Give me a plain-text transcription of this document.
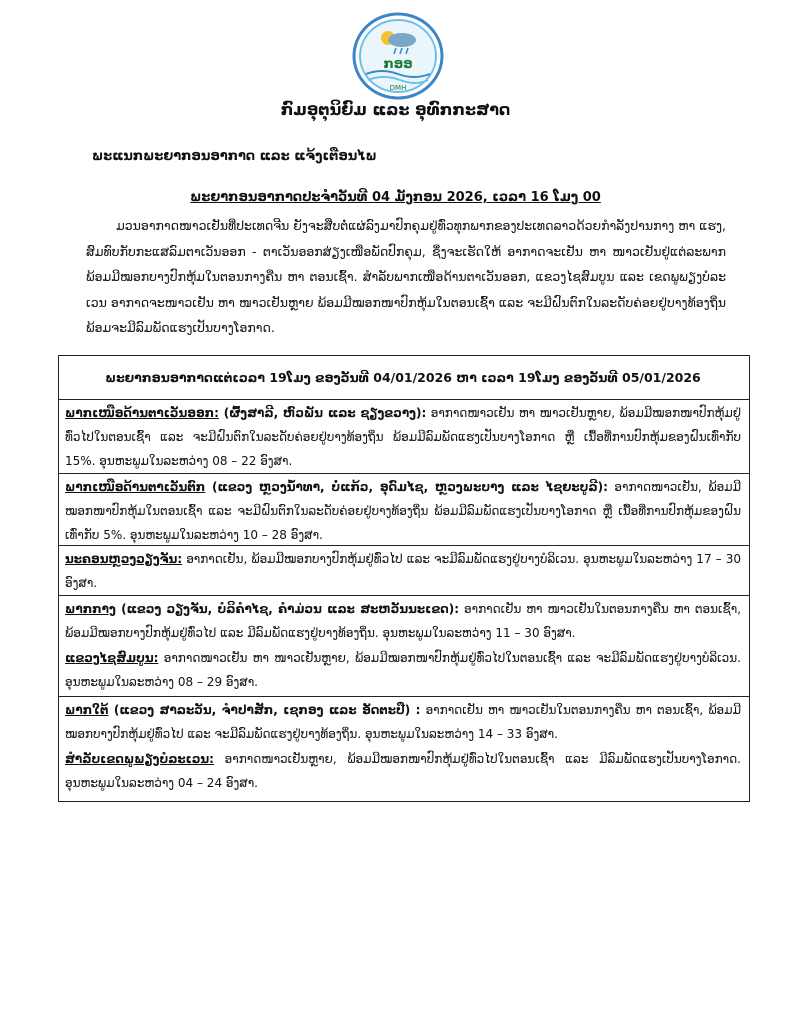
ກອອ
DMH
ກົມອຸຕຸນິຍົມ ແລະ ອຸທົກກະສາດ
ພະແນກພະຍາກອນອາກາດ ແລະ ແຈ້ງເຕືອນໄພ
ພະຍາກອນອາກາດປະຈຳວັນທີ 04 ມັງກອນ 2026, ເວລາ 16 ໂມງ 00
ມວນອາກາດໜາວເຢັນທີ່ປະເທດຈີນ ຍັງຈະສືບຕໍ່ແຜ່ລົງມາປົກຄຸມຢູ່ທົ່ວທຸກພາກຂອງປະເທດລາວດ້ວຍກຳລັງປານກາງ ຫາ ແຮງ, ສົມທົບກັບກະແສລົມຕາເວັນອອກ - ຕາເວັນອອກສ່ຽງເໜືອພັດປົກຄຸມ, ຊຶ່ງຈະເຮັດໃຫ້ ອາກາດຈະເຢັນ ຫາ ໜາວເຢັນຢູ່ແຕ່ລະພາກ ພ້ອມມີໝອກບາງປົກຫຸ້ມໃນຕອນກາງຄືນ ຫາ ຕອນເຊົ້າ. ສຳລັບພາກເໜືອດ້ານຕາເວັນອອກ, ແຂວງໄຊສົມບູນ ແລະ ເຂດພູພຽງບໍລະເວນ ອາກາດຈະໜາວເຢັນ ຫາ ໜາວເຢັນຫຼາຍ ພ້ອມມີໝອກໜາປົກຫຸ້ມໃນຕອນເຊົ້າ ແລະ ຈະມີຝົນຕົກໃນລະດັບຄ່ອຍຢູ່ບາງທ້ອງຖິ່ນ ພ້ອມຈະມີລົມພັດແຮງເປັນບາງໂອກາດ.
ພະຍາກອນອາກາດແຕ່ເວລາ 19ໂມງ ຂອງວັນທີ 04/01/2026 ຫາ ເວລາ 19ໂມງ ຂອງວັນທີ 05/01/2026

ພາກເໜືອດ້ານຕາເວັນອອກ: (ຜົ້ງສາລີ, ຫົວພັນ ແລະ ຊຽງຂວາງ): ອາກາດໜາວເຢັນ ຫາ ໜາວເຢັນຫຼາຍ, ພ້ອມມີໝອກໜາປົກຫຸ້ມຢູ່ທົ່ວໄປໃນຕອນເຊົ້າ ແລະ ຈະມີຝົນຕົກໃນລະດັບຄ່ອຍຢູ່ບາງທ້ອງຖິ່ນ ພ້ອມມີລົມພັດແຮງເປັນບາງໂອກາດ ຫຼື ເນື້ອທີ່ການປົກຫຸ້ມຂອງຝົນເທົ່າກັບ 15%. ອຸນຫະພູມໃນລະຫວ່າງ 08 – 22 ອົງສາ.

ພາກເໜືອດ້ານຕາເວັນຕົກ (ແຂວງ ຫຼວງນ້ຳທາ, ບໍ່ແກ້ວ, ອຸດົມໄຊ, ຫຼວງພະບາງ ແລະ ໄຊຍະບູລີ): ອາກາດໜາວເຢັນ, ພ້ອມມີໝອກໜາປົກຫຸ້ມໃນຕອນເຊົ້າ ແລະ ຈະມີຝົນຕົກໃນລະດັບຄ່ອຍຢູ່ບາງທ້ອງຖິ່ນ ພ້ອມມີລົມພັດແຮງເປັນບາງໂອກາດ ຫຼື ເນື້ອທີ່ການປົກຫຸ້ມຂອງຝົນເທົ່າກັບ 5%. ອຸນຫະພູມໃນລະຫວ່າງ 10 – 28 ອົງສາ.

ນະຄອນຫຼວງວຽງຈັນ: ອາກາດເຢັນ, ພ້ອມມີໝອກບາງປົກຫຸ້ມຢູ່ທົ່ວໄປ ແລະ ຈະມີລົມພັດແຮງຢູ່ບາງບໍລິເວນ. ອຸນຫະພູມໃນລະຫວ່າງ 17 – 30 ອົງສາ.

ພາກກາງ (ແຂວງ ວຽງຈັນ, ບໍລິຄຳໄຊ, ຄຳມ່ວນ ແລະ ສະຫວັນນະເຂດ): ອາກາດເຢັນ ຫາ ໜາວເຢັນໃນຕອນກາງຄືນ ຫາ ຕອນເຊົ້າ, ພ້ອມມີໝອກບາງປົກຫຸ້ມຢູ່ທົ່ວໄປ ແລະ ມີລົມພັດແຮງຢູ່ບາງທ້ອງຖິ່ນ. ອຸນຫະພູມໃນລະຫວ່າງ 11 – 30 ອົງສາ.

ແຂວງໄຊສົມບູນ: ອາກາດໜາວເຢັນ ຫາ ໜາວເຢັນຫຼາຍ, ພ້ອມມີໝອກໜາປົກຫຸ້ມຢູ່ທົ່ວໄປໃນຕອນເຊົ້າ ແລະ ຈະມີລົມພັດແຮງຢູ່ບາງບໍລິເວນ. ອຸນຫະພູມໃນລະຫວ່າງ 08 – 29 ອົງສາ.

ພາກໃຕ້ (ແຂວງ ສາລະວັນ, ຈຳປາສັກ, ເຊກອງ ແລະ ອັດຕະປື) : ອາກາດເຢັນ ຫາ ໜາວເຢັນໃນຕອນກາງຄືນ ຫາ ຕອນເຊົ້າ, ພ້ອມມີໝອກບາງປົກຫຸ້ມຢູ່ທົ່ວໄປ ແລະ ຈະມີລົມພັດແຮງຢູ່ບາງທ້ອງຖິ່ນ. ອຸນຫະພູມໃນລະຫວ່າງ 14 – 33 ອົງສາ.

ສຳລັບເຂດພູພຽງບໍລະເວນ: ອາກາດໜາວເຢັນຫຼາຍ, ພ້ອມມີໝອກໜາປົກຫຸ້ມຢູ່ທົ່ວໄປໃນຕອນເຊົ້າ ແລະ ມີລົມພັດແຮງເປັນບາງໂອກາດ. ອຸນຫະພູມໃນລະຫວ່າງ 04 – 24 ອົງສາ.
